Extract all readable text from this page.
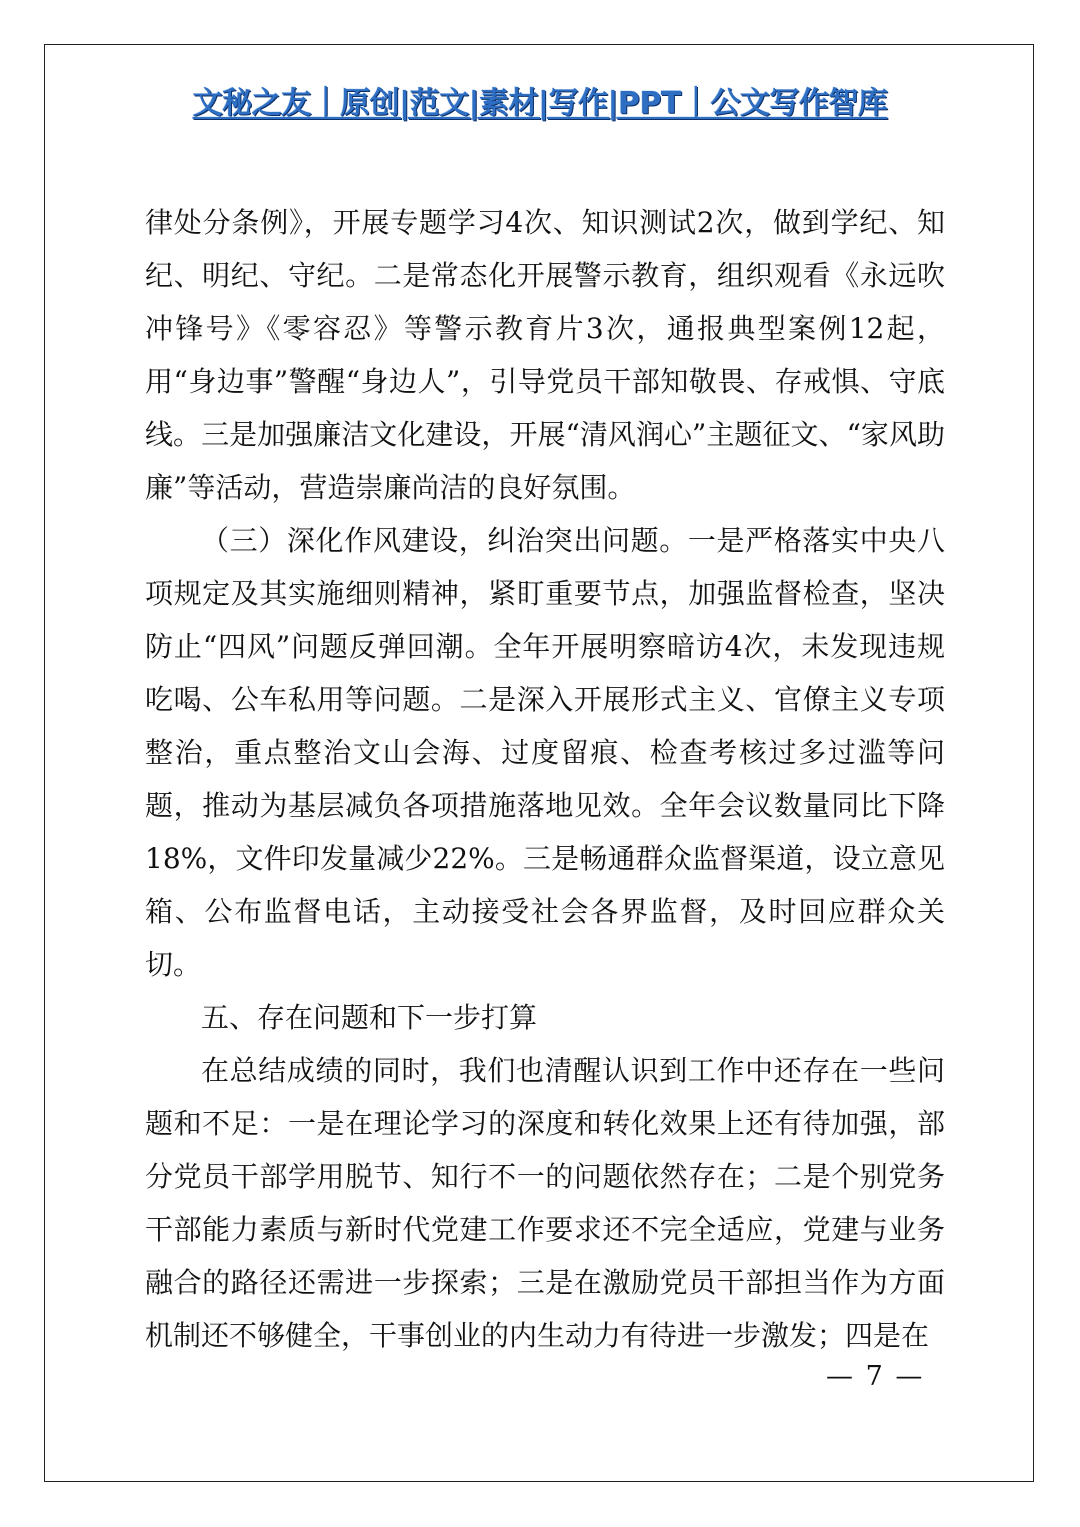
文秘之友｜原创|范文|素材|写作|PPT｜公文写作智库

律处分条例》，开展专题学习4次、知识测试2次，做到学纪、知纪、明纪、守纪。二是常态化开展警示教育，组织观看《永远吹冲锋号》《零容忍》等警示教育片3次，通报典型案例12起，用“身边事”警醒“身边人”，引导党员干部知敬畏、存戒惧、守底线。三是加强廉洁文化建设，开展“清风润心”主题征文、“家风助廉”等活动，营造崇廉尚洁的良好氛围。

（三）深化作风建设，纠治突出问题。一是严格落实中央八项规定及其实施细则精神，紧盯重要节点，加强监督检查，坚决防止“四风”问题反弹回潮。全年开展明察暗访4次，未发现违规吃喝、公车私用等问题。二是深入开展形式主义、官僚主义专项整治，重点整治文山会海、过度留痕、检查考核过多过滥等问题，推动为基层减负各项措施落地见效。全年会议数量同比下降18%，文件印发量减少22%。三是畅通群众监督渠道，设立意见箱、公布监督电话，主动接受社会各界监督，及时回应群众关切。

五、存在问题和下一步打算

在总结成绩的同时，我们也清醒认识到工作中还存在一些问题和不足：一是在理论学习的深度和转化效果上还有待加强，部分党员干部学用脱节、知行不一的问题依然存在；二是个别党务干部能力素质与新时代党建工作要求还不完全适应，党建与业务融合的路径还需进一步探索；三是在激励党员干部担当作为方面机制还不够健全，干事创业的内生动力有待进一步激发；四是在

— 7 —
